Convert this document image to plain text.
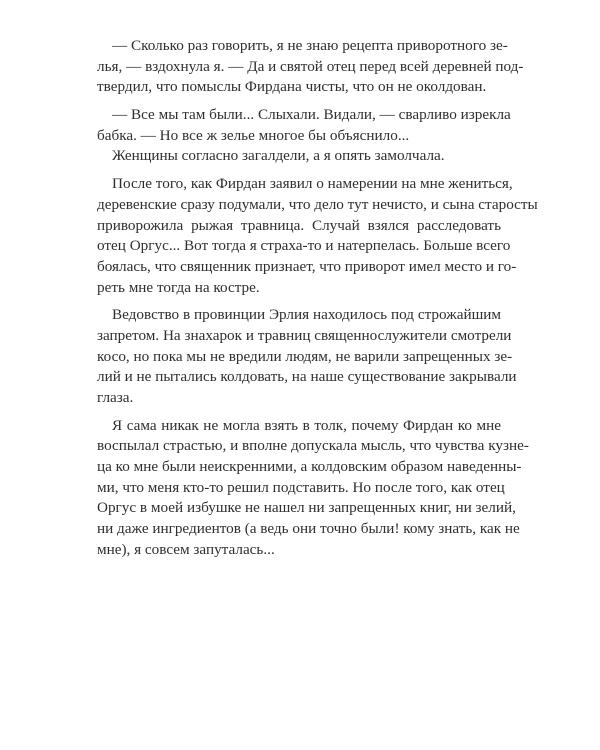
— Сколько раз говорить, я не знаю рецепта приворотного зе-
лья, — вздохнула я. — Да и святой отец перед всей деревней под-
твердил, что помыслы Фирдана чисты, что он не околдован.
— Все мы там были... Слыхали. Видали, — сварливо изрекла
бабка. — Но все ж зелье многое бы объяснило...
Женщины согласно загалдели, а я опять замолчала.
После того, как Фирдан заявил о намерении на мне жениться,
деревенские сразу подумали, что дело тут нечисто, и сына старосты
приворожила рыжая травница. Случай взялся расследовать
отец Оргус... Вот тогда я страха-то и натерпелась. Больше всего
боялась, что священник признает, что приворот имел место и го-
реть мне тогда на костре.
Ведовство в провинции Эрлия находилось под строжайшим
запретом. На знахарок и травниц священнослужители смотрели
косо, но пока мы не вредили людям, не варили запрещенных зе-
лий и не пытались колдовать, на наше существование закрывали
глаза.
Я сама никак не могла взять в толк, почему Фирдан ко мне
воспылал страстью, и вполне допускала мысль, что чувства кузне-
ца ко мне были неискренними, а колдовским образом наведенны-
ми, что меня кто-то решил подставить. Но после того, как отец
Оргус в моей избушке не нашел ни запрещенных книг, ни зелий,
ни даже ингредиентов (а ведь они точно были! кому знать, как не
мне), я совсем запуталась...
